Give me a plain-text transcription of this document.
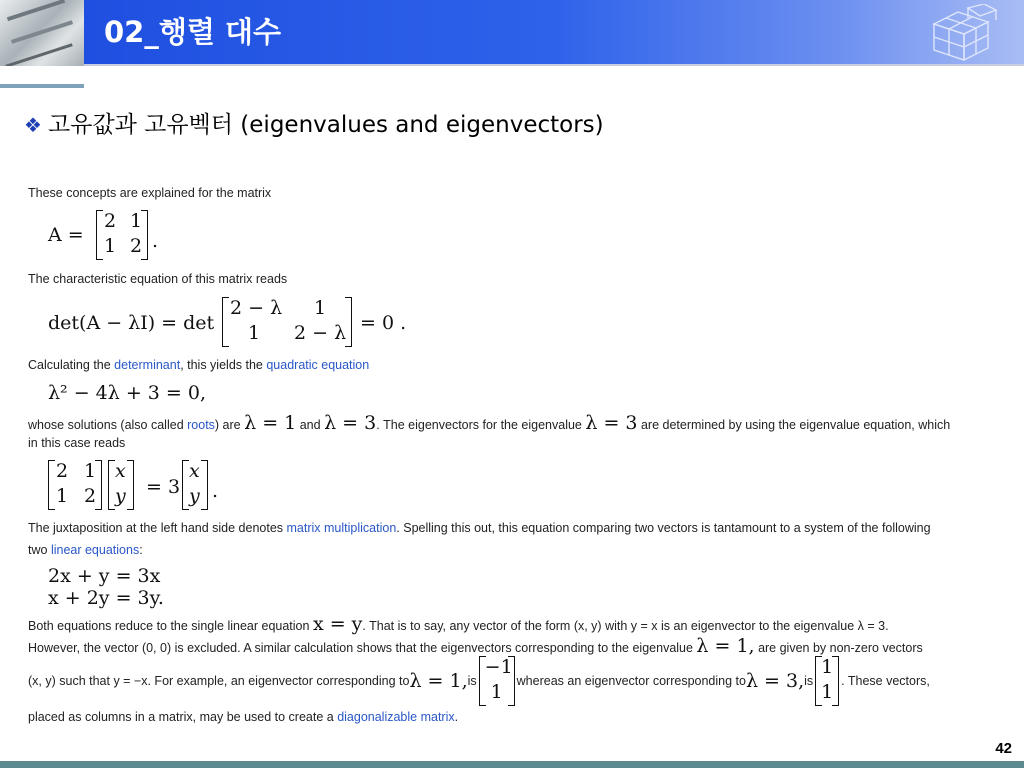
02_행렬 대수
❖ 고유값과 고유벡터 (eigenvalues and eigenvectors)
These concepts are explained for the matrix
A =
2 1
1 2 .
The characteristic equation of this matrix reads
det(A − λI) = det
2 − λ 1
1 2 − λ = 0 .
Calculating the determinant, this yields the quadratic equation
λ² − 4λ + 3 = 0,
whose solutions (also called roots) are λ = 1 and λ = 3. The eigenvectors for the eigenvalue λ = 3 are determined by using the eigenvalue equation, which
in this case reads
2 1
1 2
x
y = 3
x
y .
The juxtaposition at the left hand side denotes matrix multiplication. Spelling this out, this equation comparing two vectors is tantamount to a system of the following
two linear equations:
2x + y = 3x
x + 2y = 3y.
Both equations reduce to the single linear equation x = y. That is to say, any vector of the form (x, y) with y = x is an eigenvector to the eigenvalue λ = 3.
However, the vector (0, 0) is excluded. A similar calculation shows that the eigenvectors corresponding to the eigenvalue λ = 1, are given by non-zero vectors
(x, y) such that y = −x. For example, an eigenvector corresponding toλ = 1,is
−1
1 whereas an eigenvector corresponding toλ = 3,is
1
1 . These vectors,
placed as columns in a matrix, may be used to create a diagonalizable matrix.
42
